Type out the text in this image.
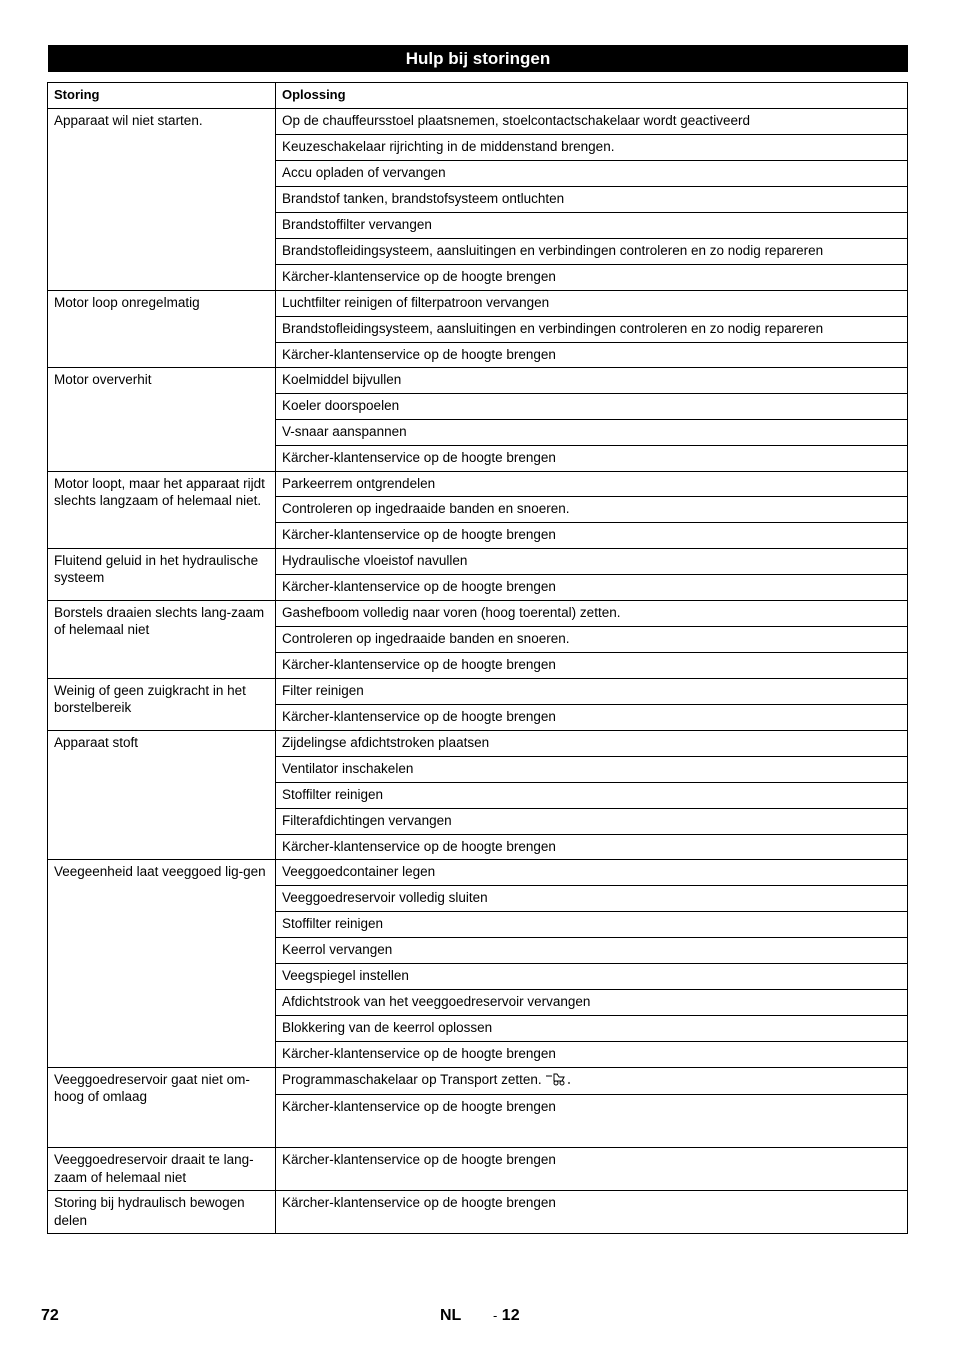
Hulp bij storingen
Storing	Oplossing
Apparaat wil niet starten.	Op de chauffeursstoel plaatsnemen, stoelcontactschakelaar wordt geactiveerd
	Keuzeschakelaar rijrichting in de middenstand brengen.
	Accu opladen of vervangen
	Brandstof tanken, brandstofsysteem ontluchten
	Brandstoffilter vervangen
	Brandstofleidingsysteem, aansluitingen en verbindingen controleren en zo nodig repareren
	Kärcher-klantenservice op de hoogte brengen
Motor loop onregelmatig	Luchtfilter reinigen of filterpatroon vervangen
	Brandstofleidingsysteem, aansluitingen en verbindingen controleren en zo nodig repareren
	Kärcher-klantenservice op de hoogte brengen
Motor oververhit	Koelmiddel bijvullen
	Koeler doorspoelen
	V-snaar aanspannen
	Kärcher-klantenservice op de hoogte brengen
Motor loopt, maar het apparaat rijdt slechts langzaam of helemaal niet.	Parkeerrem ontgrendelen
	Controleren op ingedraaide banden en snoeren.
	Kärcher-klantenservice op de hoogte brengen
Fluitend geluid in het hydraulische systeem	Hydraulische vloeistof navullen
	Kärcher-klantenservice op de hoogte brengen
Borstels draaien slechts lang-zaam of helemaal niet	Gashefboom volledig naar voren (hoog toerental) zetten.
	Controleren op ingedraaide banden en snoeren.
	Kärcher-klantenservice op de hoogte brengen
Weinig of geen zuigkracht in het borstelbereik	Filter reinigen
	Kärcher-klantenservice op de hoogte brengen
Apparaat stoft	Zijdelingse afdichtstroken plaatsen
	Ventilator inschakelen
	Stoffilter reinigen
	Filterafdichtingen vervangen
	Kärcher-klantenservice op de hoogte brengen
Veegeenheid laat veeggoed lig-gen	Veeggoedcontainer legen
	Veeggoedreservoir volledig sluiten
	Stoffilter reinigen
	Keerrol vervangen
	Veegspiegel instellen
	Afdichtstrook van het veeggoedreservoir vervangen
	Blokkering van de keerrol oplossen
	Kärcher-klantenservice op de hoogte brengen
Veeggoedreservoir gaat niet om-hoog of omlaag	Programmaschakelaar op Transport zetten.
	Kärcher-klantenservice op de hoogte brengen
Veeggoedreservoir draait te lang-zaam of helemaal niet	Kärcher-klantenservice op de hoogte brengen
Storing bij hydraulisch bewogen delen	Kärcher-klantenservice op de hoogte brengen
72	NL - 12
